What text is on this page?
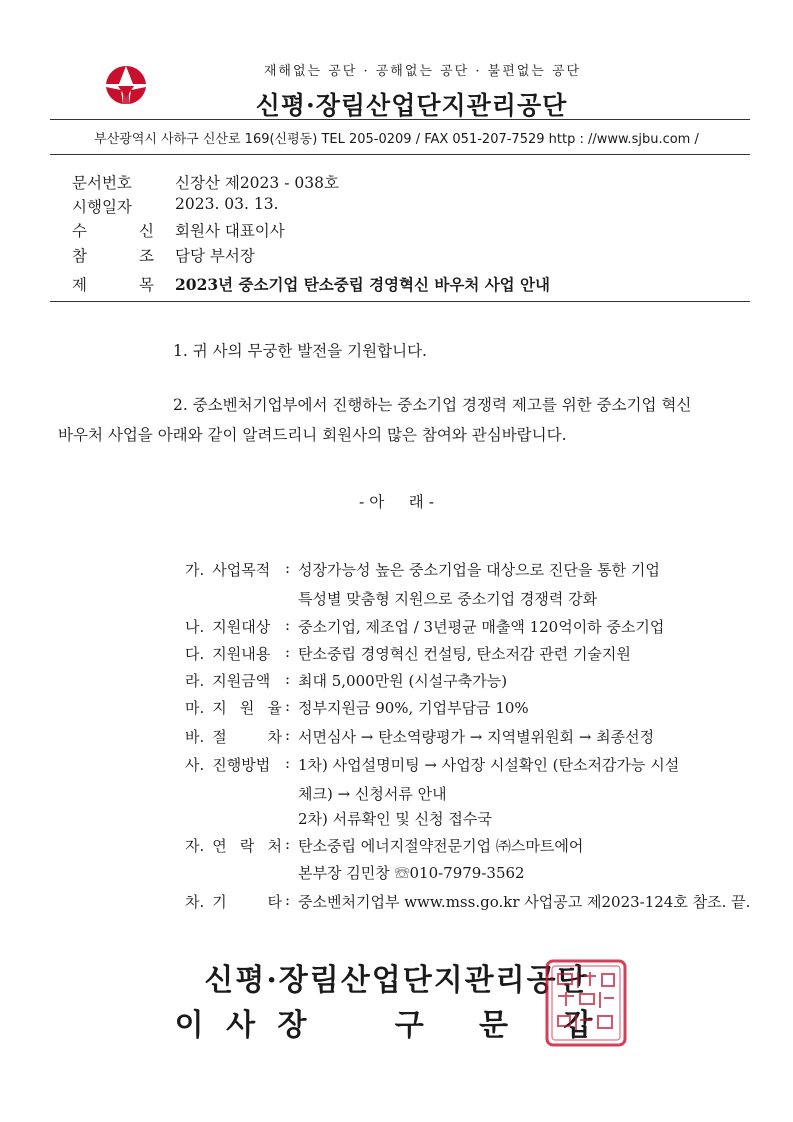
재해없는 공단 · 공해없는 공단 · 불편없는 공단
신평·장림산업단지관리공단
부산광역시 사하구 신산로 169(신평동) TEL 205-0209 / FAX 051-207-7529 http : //www.sjbu.com /
문서번호	신장산 제2023 - 038호
시행일자	2023. 03. 13.
수	신 회원사 대표이사
참	조 담당 부서장
제	목 2023년 중소기업 탄소중립 경영혁신 바우처 사업 안내
1. 귀 사의 무궁한 발전을 기원합니다.
2. 중소벤처기업부에서 진행하는 중소기업 경쟁력 제고를 위한 중소기업 혁신
바우처 사업을 아래와 같이 알려드리니 회원사의 많은 참여와 관심바랍니다.
- 아     래 -
가. 사업목적 : 성장가능성 높은 중소기업을 대상으로 진단을 통한 기업
특성별 맞춤형 지원으로 중소기업 경쟁력 강화
나. 지원대상 : 중소기업, 제조업 / 3년평균 매출액 120억이하 중소기업
다. 지원내용 : 탄소중립 경영혁신 컨설팅, 탄소저감 관련 기술지원
라. 지원금액 : 최대 5,000만원 (시설구축가능)
마. 지 원 율 : 정부지원금 90%, 기업부담금 10%
바. 절	차 : 서면심사 → 탄소역량평가 → 지역별위원회 → 최종선정
사. 진행방법 : 1차) 사업설명미팅 → 사업장 시설확인 (탄소저감가능 시설
체크) → 신청서류 안내
2차) 서류확인 및 신청 접수국
자. 연 락 처 : 탄소중립 에너지절약전문기업 ㈜스마트에어
본부장 김민창 ☏010-7979-3562
차. 기	타 : 중소벤처기업부 www.mss.go.kr 사업공고 제2023-124호 참조. 끝.
신평·장림산업단지관리공단
이 사 장     구   문   갑
